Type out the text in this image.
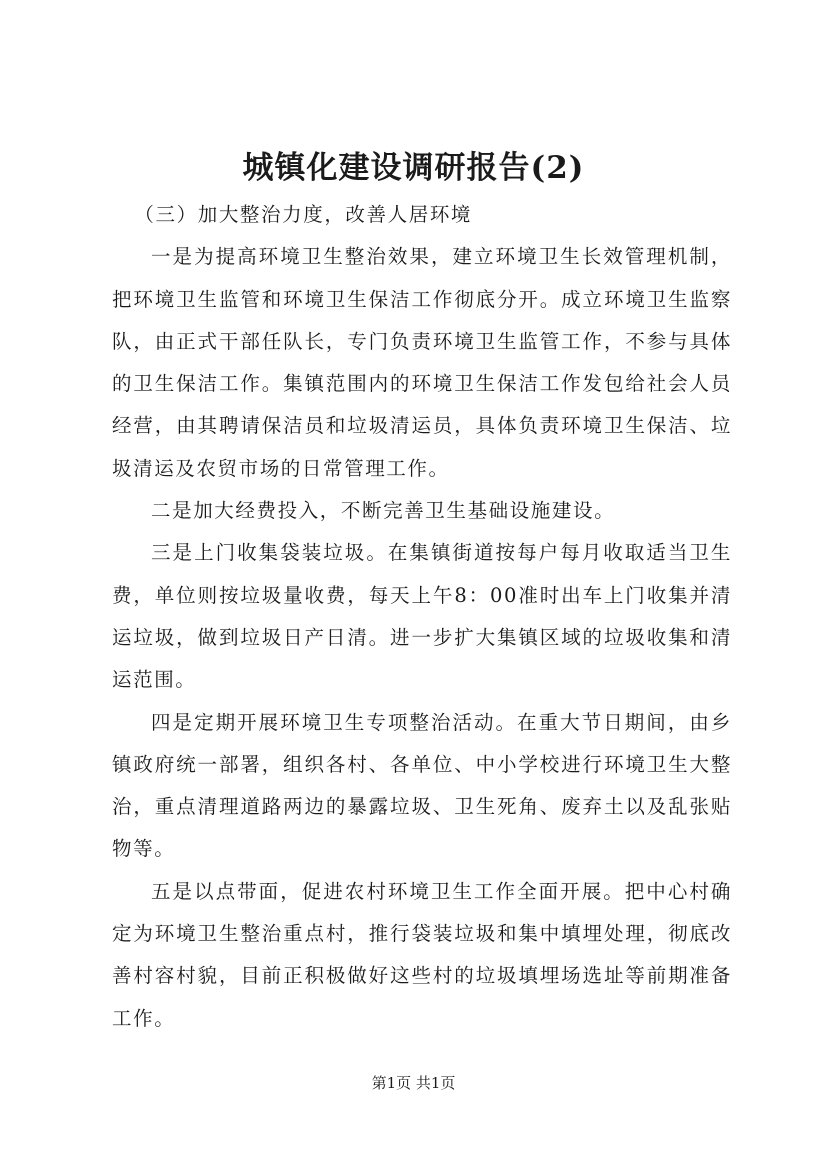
城镇化建设调研报告(2)

（三）加大整治力度，改善人居环境

一是为提高环境卫生整治效果，建立环境卫生长效管理机制，把环境卫生监管和环境卫生保洁工作彻底分开。成立环境卫生监察队，由正式干部任队长，专门负责环境卫生监管工作，不参与具体的卫生保洁工作。集镇范围内的环境卫生保洁工作发包给社会人员经营，由其聘请保洁员和垃圾清运员，具体负责环境卫生保洁、垃圾清运及农贸市场的日常管理工作。

二是加大经费投入，不断完善卫生基础设施建设。

三是上门收集袋装垃圾。在集镇街道按每户每月收取适当卫生费，单位则按垃圾量收费，每天上午8：00准时出车上门收集并清运垃圾，做到垃圾日产日清。进一步扩大集镇区域的垃圾收集和清运范围。

四是定期开展环境卫生专项整治活动。在重大节日期间，由乡镇政府统一部署，组织各村、各单位、中小学校进行环境卫生大整治，重点清理道路两边的暴露垃圾、卫生死角、废弃土以及乱张贴物等。

五是以点带面，促进农村环境卫生工作全面开展。把中心村确定为环境卫生整治重点村，推行袋装垃圾和集中填埋处理，彻底改善村容村貌，目前正积极做好这些村的垃圾填埋场选址等前期准备工作。

第1页 共1页
